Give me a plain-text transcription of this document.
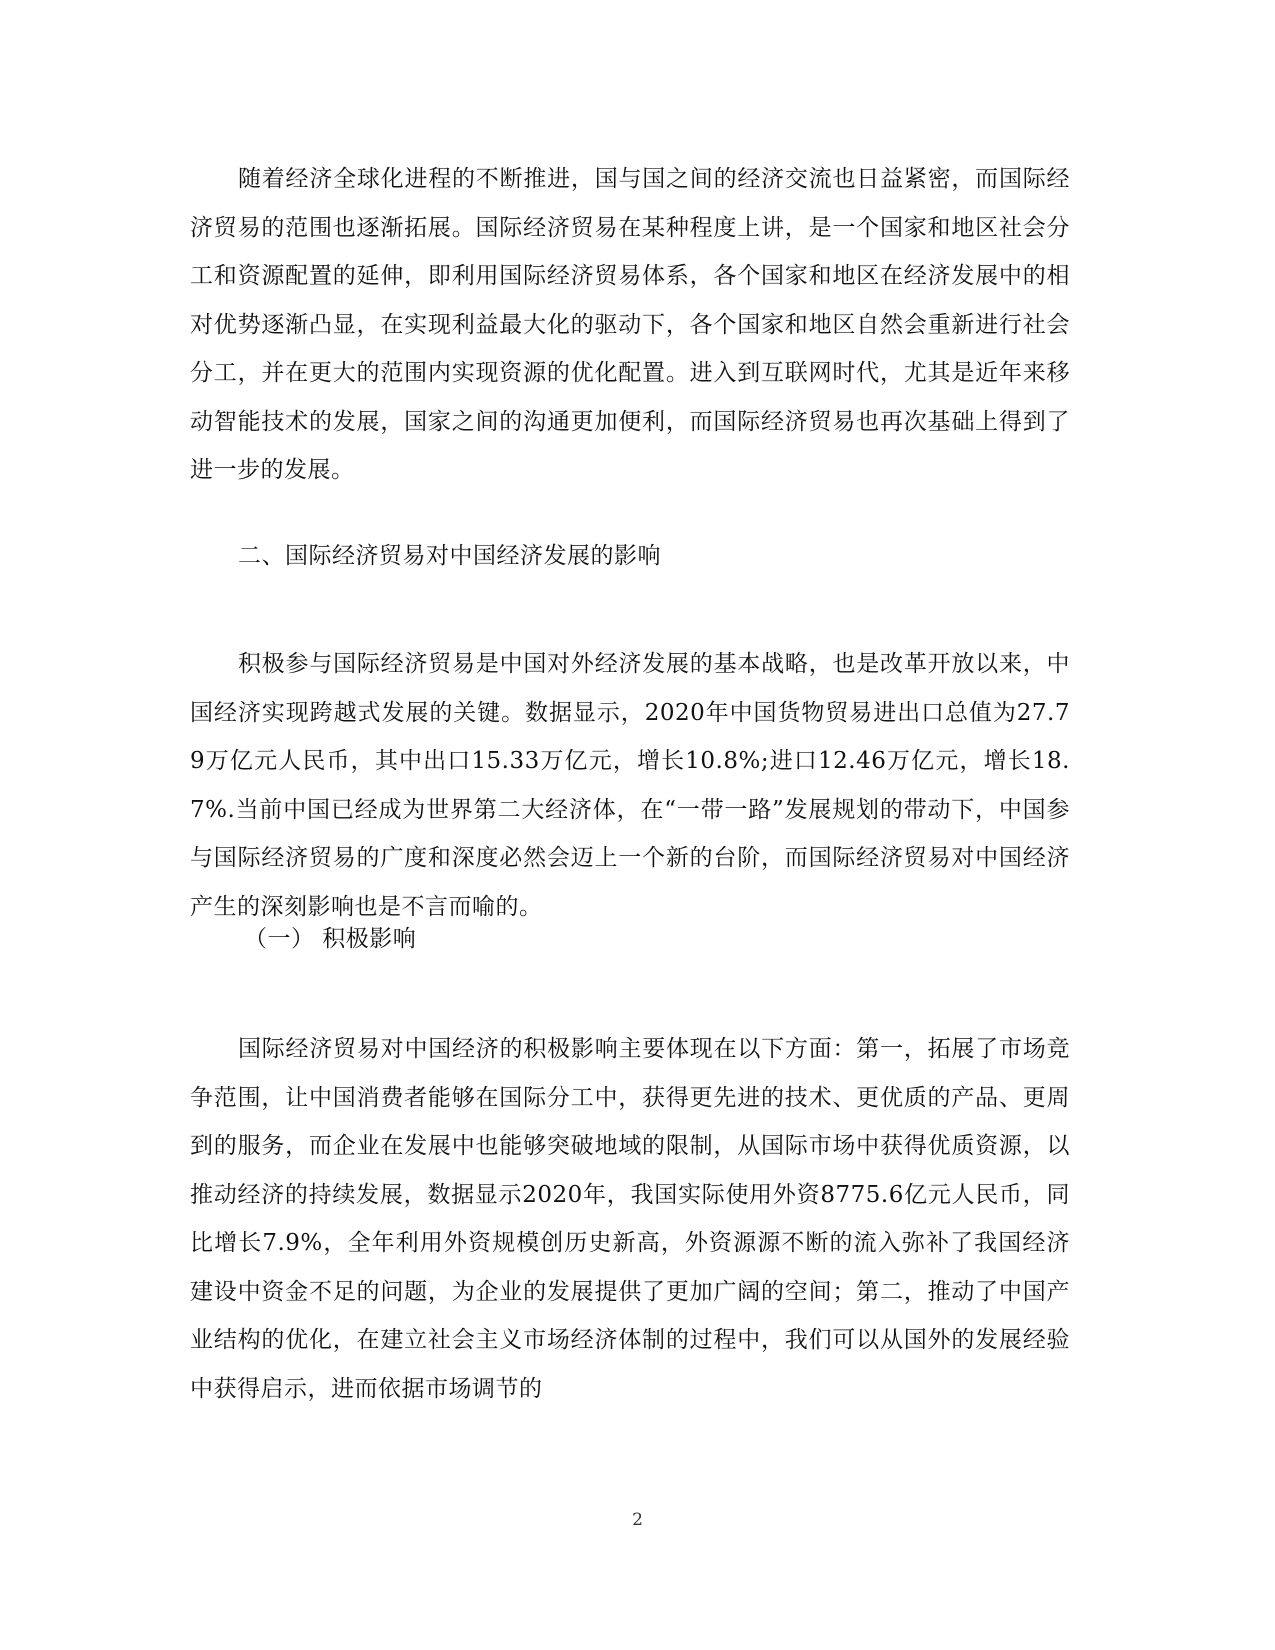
随着经济全球化进程的不断推进，国与国之间的经济交流也日益紧密，而国际经济贸易的范围也逐渐拓展。国际经济贸易在某种程度上讲，是一个国家和地区社会分工和资源配置的延伸，即利用国际经济贸易体系，各个国家和地区在经济发展中的相对优势逐渐凸显，在实现利益最大化的驱动下，各个国家和地区自然会重新进行社会分工，并在更大的范围内实现资源的优化配置。进入到互联网时代，尤其是近年来移动智能技术的发展，国家之间的沟通更加便利，而国际经济贸易也再次基础上得到了进一步的发展。

二、国际经济贸易对中国经济发展的影响

积极参与国际经济贸易是中国对外经济发展的基本战略，也是改革开放以来，中国经济实现跨越式发展的关键。数据显示，2020年中国货物贸易进出口总值为27.79万亿元人民币，其中出口15.33万亿元，增长10.8%;进口12.46万亿元，增长18.7%.当前中国已经成为世界第二大经济体，在“一带一路”发展规划的带动下，中国参与国际经济贸易的广度和深度必然会迈上一个新的台阶，而国际经济贸易对中国经济产生的深刻影响也是不言而喻的。

（一） 积极影响

国际经济贸易对中国经济的积极影响主要体现在以下方面：第一，拓展了市场竞争范围，让中国消费者能够在国际分工中，获得更先进的技术、更优质的产品、更周到的服务，而企业在发展中也能够突破地域的限制，从国际市场中获得优质资源，以推动经济的持续发展，数据显示2020年，我国实际使用外资8775.6亿元人民币，同比增长7.9%，全年利用外资规模创历史新高，外资源源不断的流入弥补了我国经济建设中资金不足的问题，为企业的发展提供了更加广阔的空间；第二，推动了中国产业结构的优化，在建立社会主义市场经济体制的过程中，我们可以从国外的发展经验中获得启示，进而依据市场调节的

2
